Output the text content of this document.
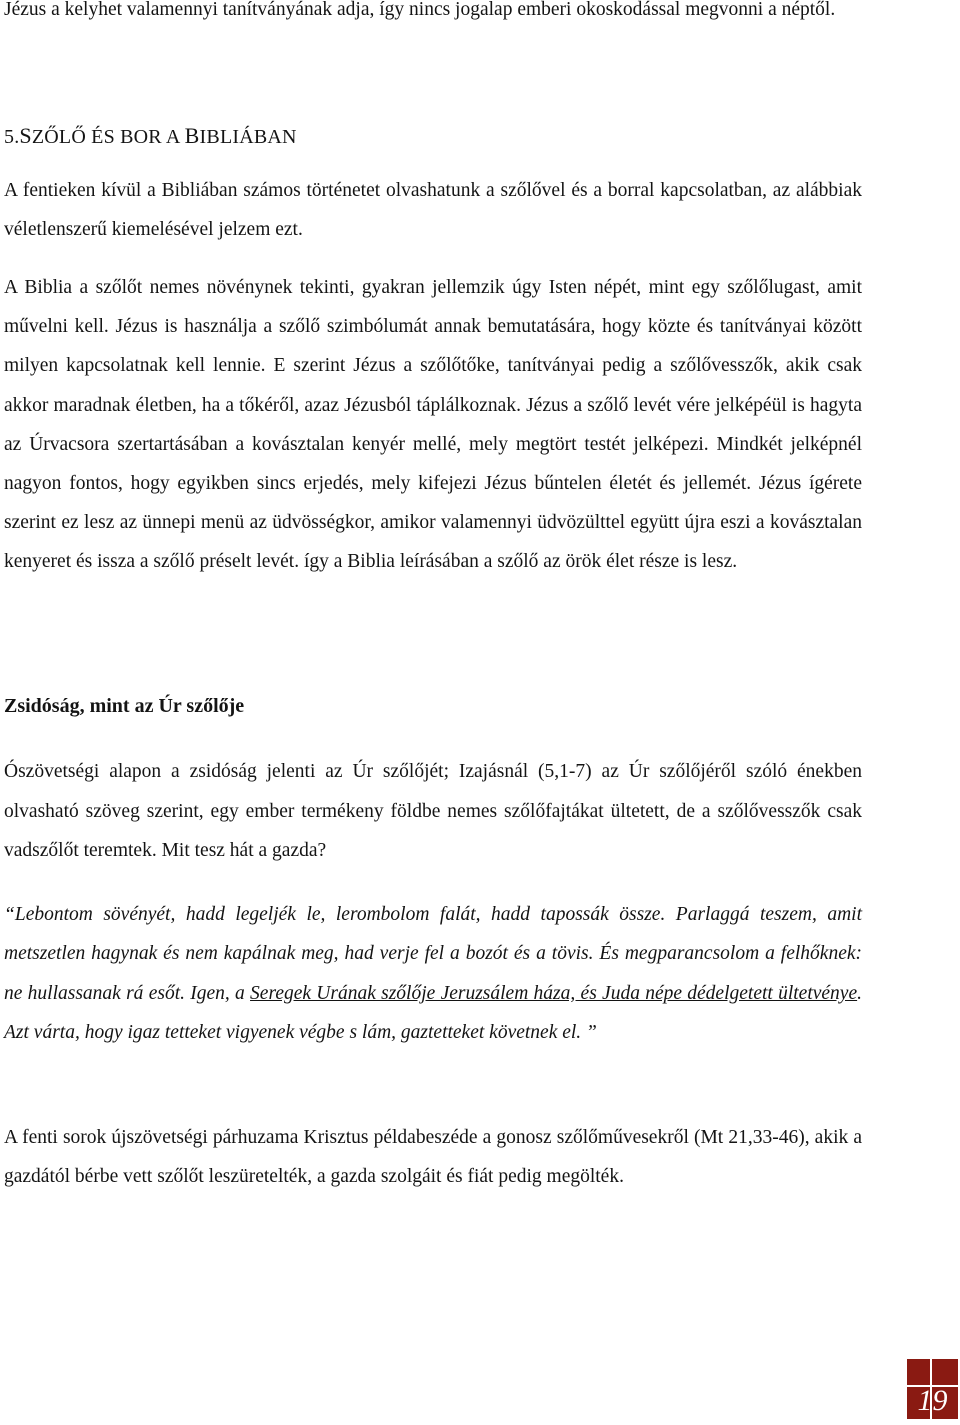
Jézus a kelyhet valamennyi tanítványának adja, így nincs jogalap emberi okoskodással megvonni a néptől.

5.SZŐLŐ ÉS BOR A BIBLIÁBAN

A fentieken kívül a Bibliában számos történetet olvashatunk a szőlővel és a borral kapcsolatban, az alábbiak véletlenszerű kiemelésével jelzem ezt.

A Biblia a szőlőt nemes növénynek tekinti, gyakran jellemzik úgy Isten népét, mint egy szőlőlugast, amit művelni kell. Jézus is használja a szőlő szimbólumát annak bemutatására, hogy közte és tanítványai között milyen kapcsolatnak kell lennie. E szerint Jézus a szőlőtőke, tanítványai pedig a szőlővesszők, akik csak akkor maradnak életben, ha a tőkéről, azaz Jézusból táplálkoznak. Jézus a szőlő levét vére jelképéül is hagyta az Úrvacsora szertartásában a kovásztalan kenyér mellé, mely megtört testét jelképezi. Mindkét jelképnél nagyon fontos, hogy egyikben sincs erjedés, mely kifejezi Jézus bűntelen életét és jellemét. Jézus ígérete szerint ez lesz az ünnepi menü az üdvösségkor, amikor valamennyi üdvözülttel együtt újra eszi a kovásztalan kenyeret és issza a szőlő préselt levét. így a Biblia leírásában a szőlő az örök élet része is lesz.

Zsidóság, mint az Úr szőlője

Ószövetségi alapon a zsidóság jelenti az Úr szőlőjét; Izajásnál (5,1-7) az Úr szőlőjéről szóló énekben olvasható szöveg szerint, egy ember termékeny földbe nemes szőlőfajtákat ültetett, de a szőlővesszők csak vadszőlőt teremtek. Mit tesz hát a gazda?

“Lebontom sövényét, hadd legeljék le, lerombolom falát, hadd tapossák össze. Parlaggá teszem, amit metszetlen hagynak és nem kapálnak meg, had verje fel a bozót és a tövis. És megparancsolom a felhőknek: ne hullassanak rá esőt. Igen, a Seregek Urának szőlője Jeruzsálem háza, és Juda népe dédelgetett ültetvénye. Azt várta, hogy igaz tetteket vigyenek végbe s lám, gaztetteket követnek el. ”

A fenti sorok újszövetségi párhuzama Krisztus példabeszéde a gonosz szőlőművesekről (Mt 21,33-46), akik a gazdától bérbe vett szőlőt leszüretelték, a gazda szolgáit és fiát pedig megölték.

19
